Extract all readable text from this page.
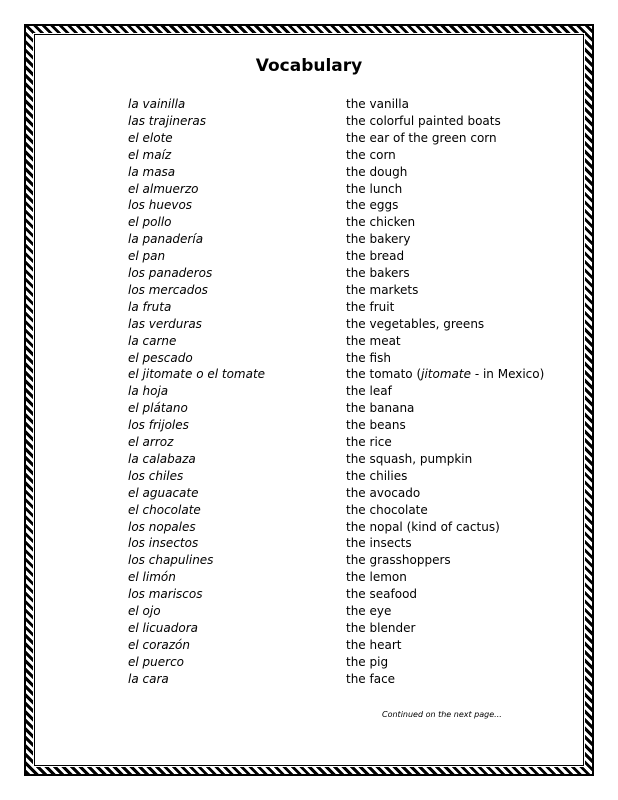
Vocabulary
la vainilla	the vanilla
las trajineras	the colorful painted boats
el elote	the ear of the green corn
el maíz	the corn
la masa	the dough
el almuerzo	the lunch
los huevos	the eggs
el pollo	the chicken
la panadería	the bakery
el pan	the bread
los panaderos	the bakers
los mercados	the markets
la fruta	the fruit
las verduras	the vegetables, greens
la carne	the meat
el pescado	the fish
el jitomate o el tomate	the tomato (jitomate - in Mexico)
la hoja	the leaf
el plátano	the banana
los frijoles	the beans
el arroz	the rice
la calabaza	the squash, pumpkin
los chiles	the chilies
el aguacate	the avocado
el chocolate	the chocolate
los nopales	the nopal (kind of cactus)
los insectos	the insects
los chapulines	the grasshoppers
el limón	the lemon
los mariscos	the seafood
el ojo	the eye
el licuadora	the blender
el corazón	the heart
el puerco	the pig
la cara	the face
Continued on the next page...
